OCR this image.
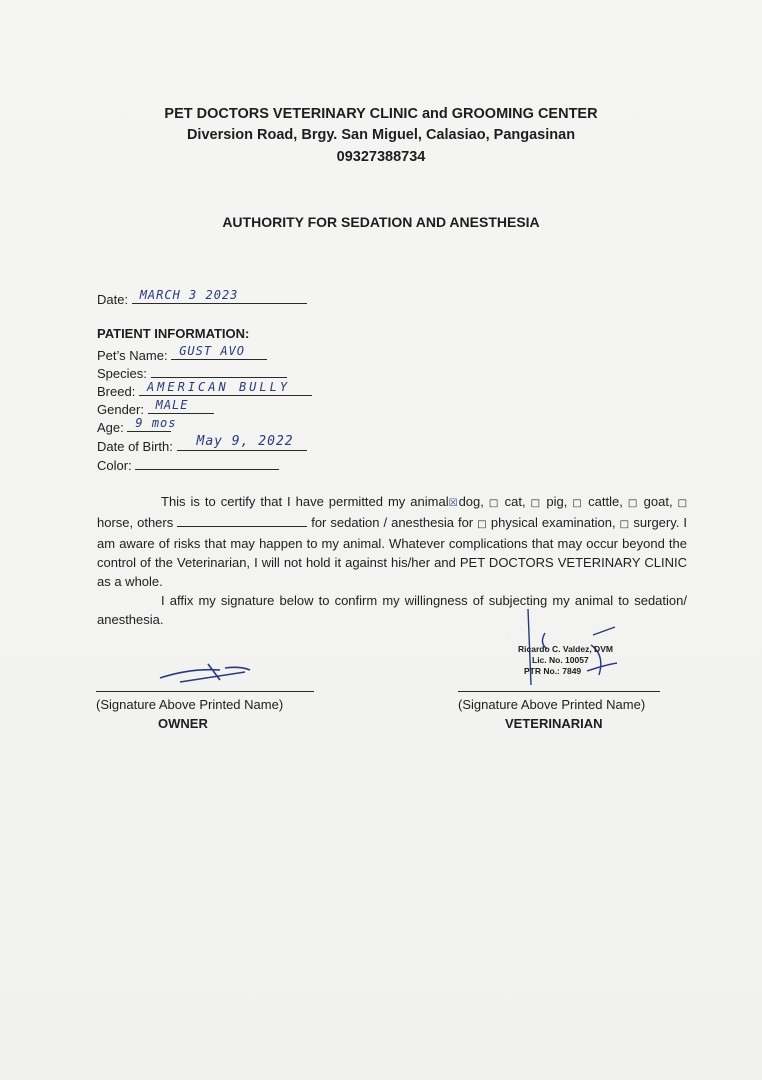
PET DOCTORS VETERINARY CLINIC and GROOMING CENTER
Diversion Road, Brgy. San Miguel, Calasiao, Pangasinan
09327388734
AUTHORITY FOR SEDATION AND ANESTHESIA
Date: MARCH 3 2023
PATIENT INFORMATION:
Pet’s Name: GUST AVO
Species:
Breed: AMERICAN BULLY
Gender: MALE
Age: 9 mos
Date of Birth: May 9, 2022
Color:

This is to certify that I have permitted my animal☒dog, □ cat, □ pig, □ cattle, □ goat, □ horse, others	for sedation / anesthesia for □ physical examination, □ surgery. I am aware of risks that may happen to my animal. Whatever complications that may occur beyond the control of the Veterinarian, I will not hold it against his/her and PET DOCTORS VETERINARY CLINIC as a whole.

I affix my signature below to confirm my willingness of subjecting my animal to sedation/ anesthesia.

(Signature Above Printed Name)
OWNER
Ricardo C. Valdez, DVM
Lic. No. 10057
PTR No.: 7849
(Signature Above Printed Name)
VETERINARIAN
